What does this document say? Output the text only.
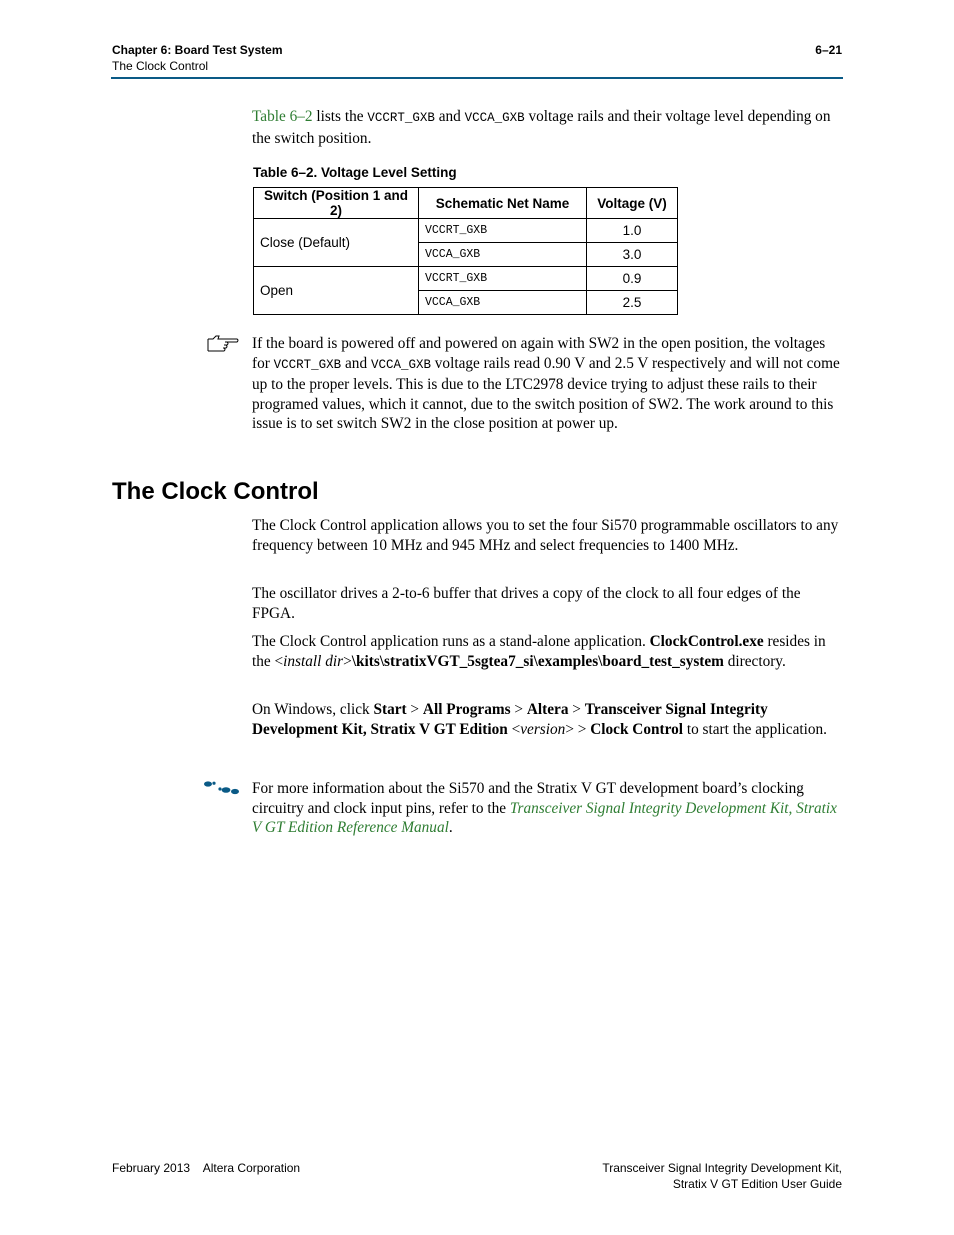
Chapter 6: Board Test System
The Clock Control
6–21
Table 6–2 lists the VCCRT_GXB and VCCA_GXB voltage rails and their voltage level depending on the switch position.
Table 6–2. Voltage Level Setting
Switch (Position 1 and 2)	Schematic Net Name	Voltage (V)
Close (Default)	VCCRT_GXB	1.0
	VCCA_GXB	3.0
Open	VCCRT_GXB	0.9
	VCCA_GXB	2.5
If the board is powered off and powered on again with SW2 in the open position, the voltages for VCCRT_GXB and VCCA_GXB voltage rails read 0.90 V and 2.5 V respectively and will not come up to the proper levels. This is due to the LTC2978 device trying to adjust these rails to their programed values, which it cannot, due to the switch position of SW2. The work around to this issue is to set switch SW2 in the close position at power up.
The Clock Control
The Clock Control application allows you to set the four Si570 programmable oscillators to any frequency between 10 MHz and 945 MHz and select frequencies to 1400 MHz.
The oscillator drives a 2-to-6 buffer that drives a copy of the clock to all four edges of the FPGA.
The Clock Control application runs as a stand-alone application. ClockControl.exe resides in the <install dir>\kits\stratixVGT_5sgtea7_si\examples\board_test_system directory.
On Windows, click Start > All Programs > Altera > Transceiver Signal Integrity Development Kit, Stratix V GT Edition <version> > Clock Control to start the application.
For more information about the Si570 and the Stratix V GT development board’s clocking circuitry and clock input pins, refer to the Transceiver Signal Integrity Development Kit, Stratix V GT Edition Reference Manual.
February 2013    Altera Corporation	Transceiver Signal Integrity Development Kit,
Stratix V GT Edition User Guide
